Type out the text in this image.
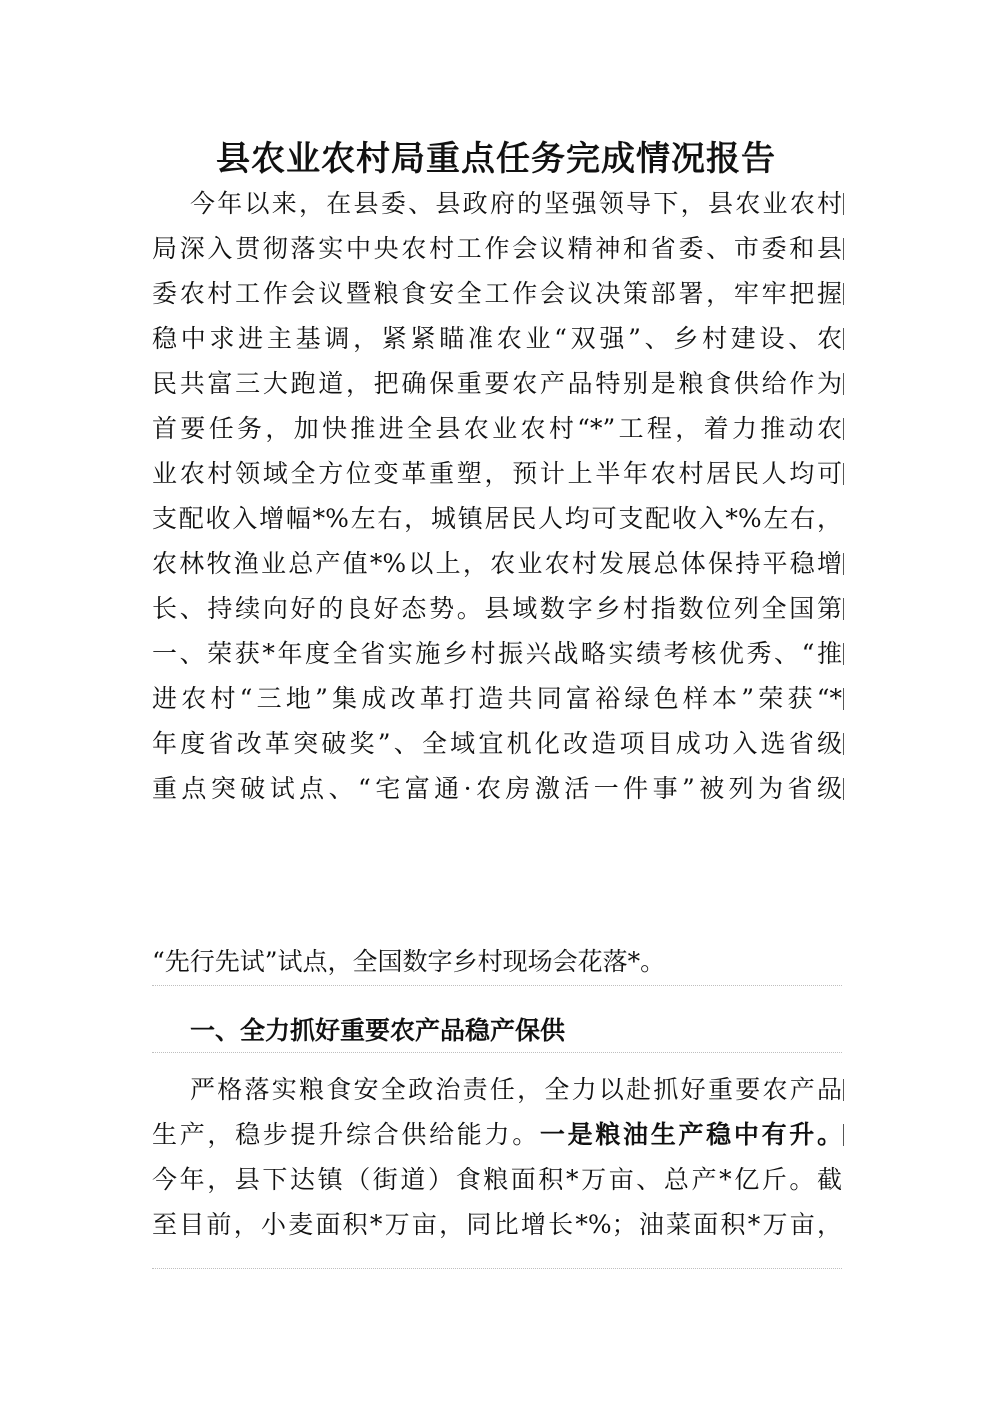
县农业农村局重点任务完成情况报告
今年以来，在县委、县政府的坚强领导下，县农业农村
局深入贯彻落实中央农村工作会议精神和省委、市委和县
委农村工作会议暨粮食安全工作会议决策部署，牢牢把握
稳中求进主基调，紧紧瞄准农业“双强”、乡村建设、农
民共富三大跑道，把确保重要农产品特别是粮食供给作为
首要任务，加快推进全县农业农村“*”工程，着力推动农
业农村领域全方位变革重塑，预计上半年农村居民人均可
支配收入增幅*%左右，城镇居民人均可支配收入*%左右，
农林牧渔业总产值*%以上，农业农村发展总体保持平稳增
长、持续向好的良好态势。县域数字乡村指数位列全国第
一、荣获*年度全省实施乡村振兴战略实绩考核优秀、“推
进农村“三地”集成改革打造共同富裕绿色样本”荣获“*
年度省改革突破奖”、全域宜机化改造项目成功入选省级
重点突破试点、“宅富通·农房激活一件事”被列为省级
“先行先试”试点，全国数字乡村现场会花落*。
一、全力抓好重要农产品稳产保供
严格落实粮食安全政治责任，全力以赴抓好重要农产品
生产，稳步提升综合供给能力。一是粮油生产稳中有升。
今年，县下达镇（街道）食粮面积*万亩、总产*亿斤。截
至目前，小麦面积*万亩，同比增长*%；油菜面积*万亩，
